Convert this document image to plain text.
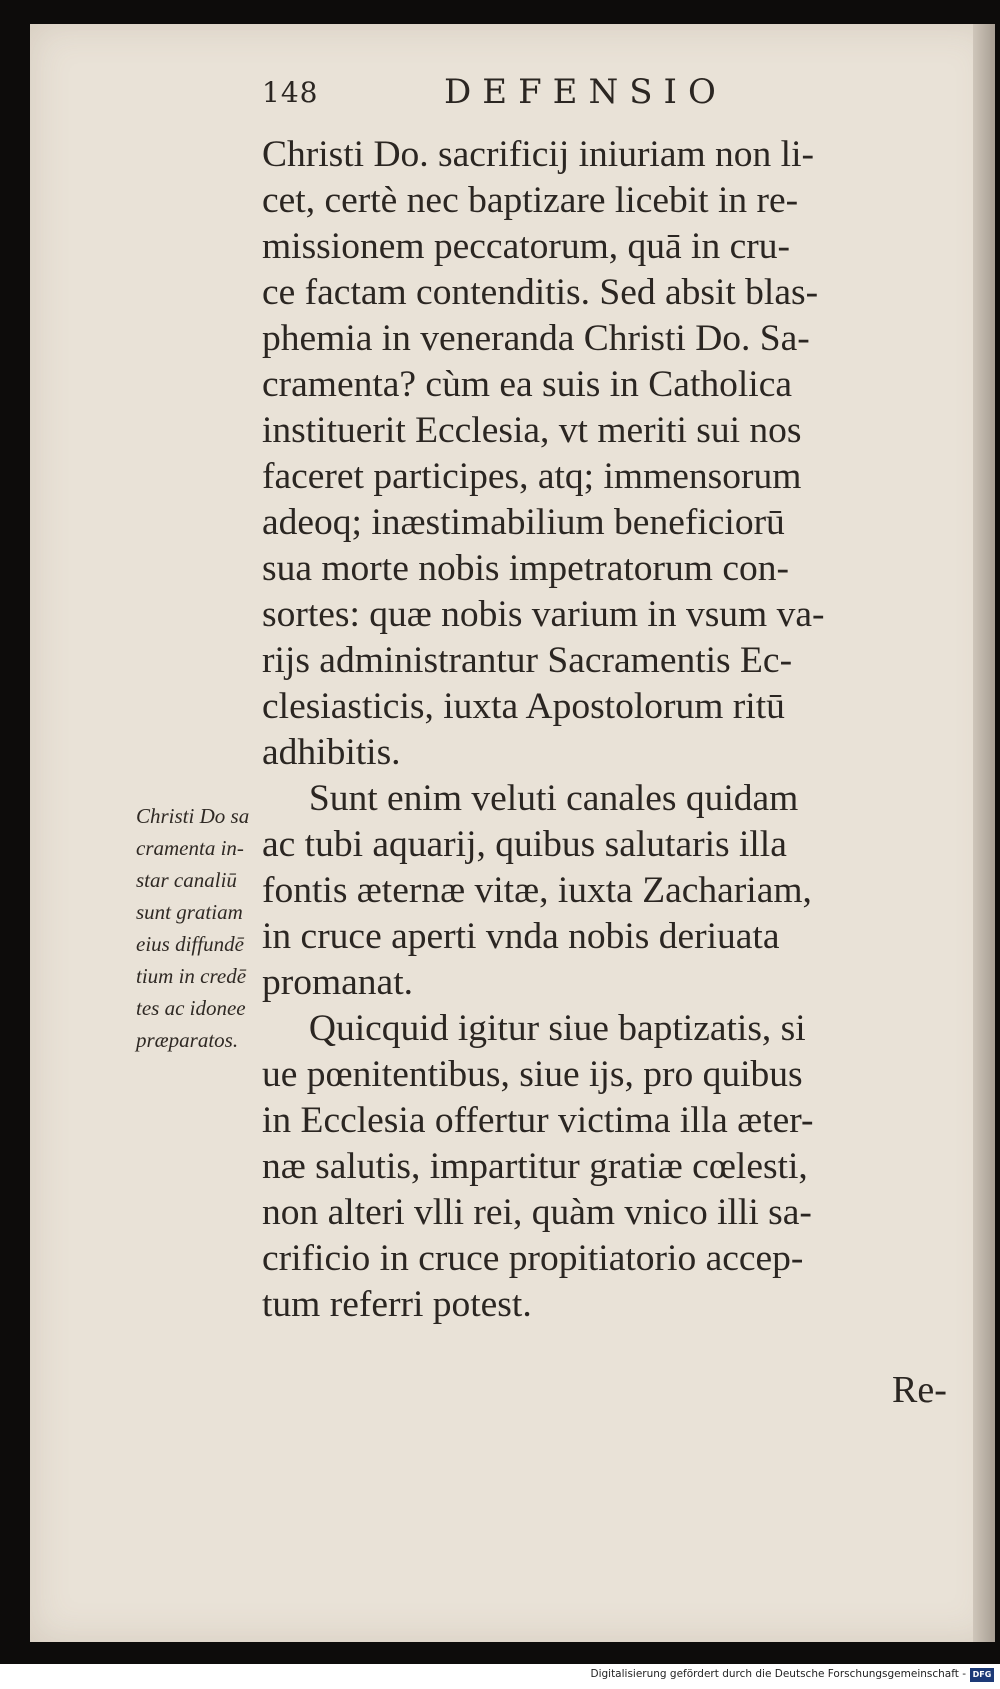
148	DEFENSIO
Christi Do. sacrificij iniuriam non li-
cet, certè nec baptizare licebit in re-
missionem peccatorum, quā in cru-
ce factam contenditis. Sed absit blas-
phemia in veneranda Christi Do. Sa-
cramenta? cùm ea suis in Catholica
instituerit Ecclesia, vt meriti sui nos
faceret participes, atq; immensorum
adeoq; inæstimabilium beneficiorū
sua morte nobis impetratorum con-
sortes: quæ nobis varium in vsum va-
rijs administrantur Sacramentis Ec-
clesiasticis, iuxta Apostolorum ritū
adhibitis.
Sunt enim veluti canales quidam
ac tubi aquarij, quibus salutaris illa
fontis æternæ vitæ, iuxta Zachariam,
in cruce aperti vnda nobis deriuata
promanat.
Quicquid igitur siue baptizatis, si
ue pœnitentibus, siue ijs, pro quibus
in Ecclesia offertur victima illa æter-
næ salutis, impartitur gratiæ cœlesti,
non alteri vlli rei, quàm vnico illi sa-
crificio in cruce propitiatorio accep-
tum referri potest.
Christi Do sa
cramenta in-
star canaliū
sunt gratiam
eius diffundē
tium in credē
tes ac idonee
præparatos.
Re-
Digitalisierung gefördert durch die Deutsche Forschungsgemeinschaft - DFG
